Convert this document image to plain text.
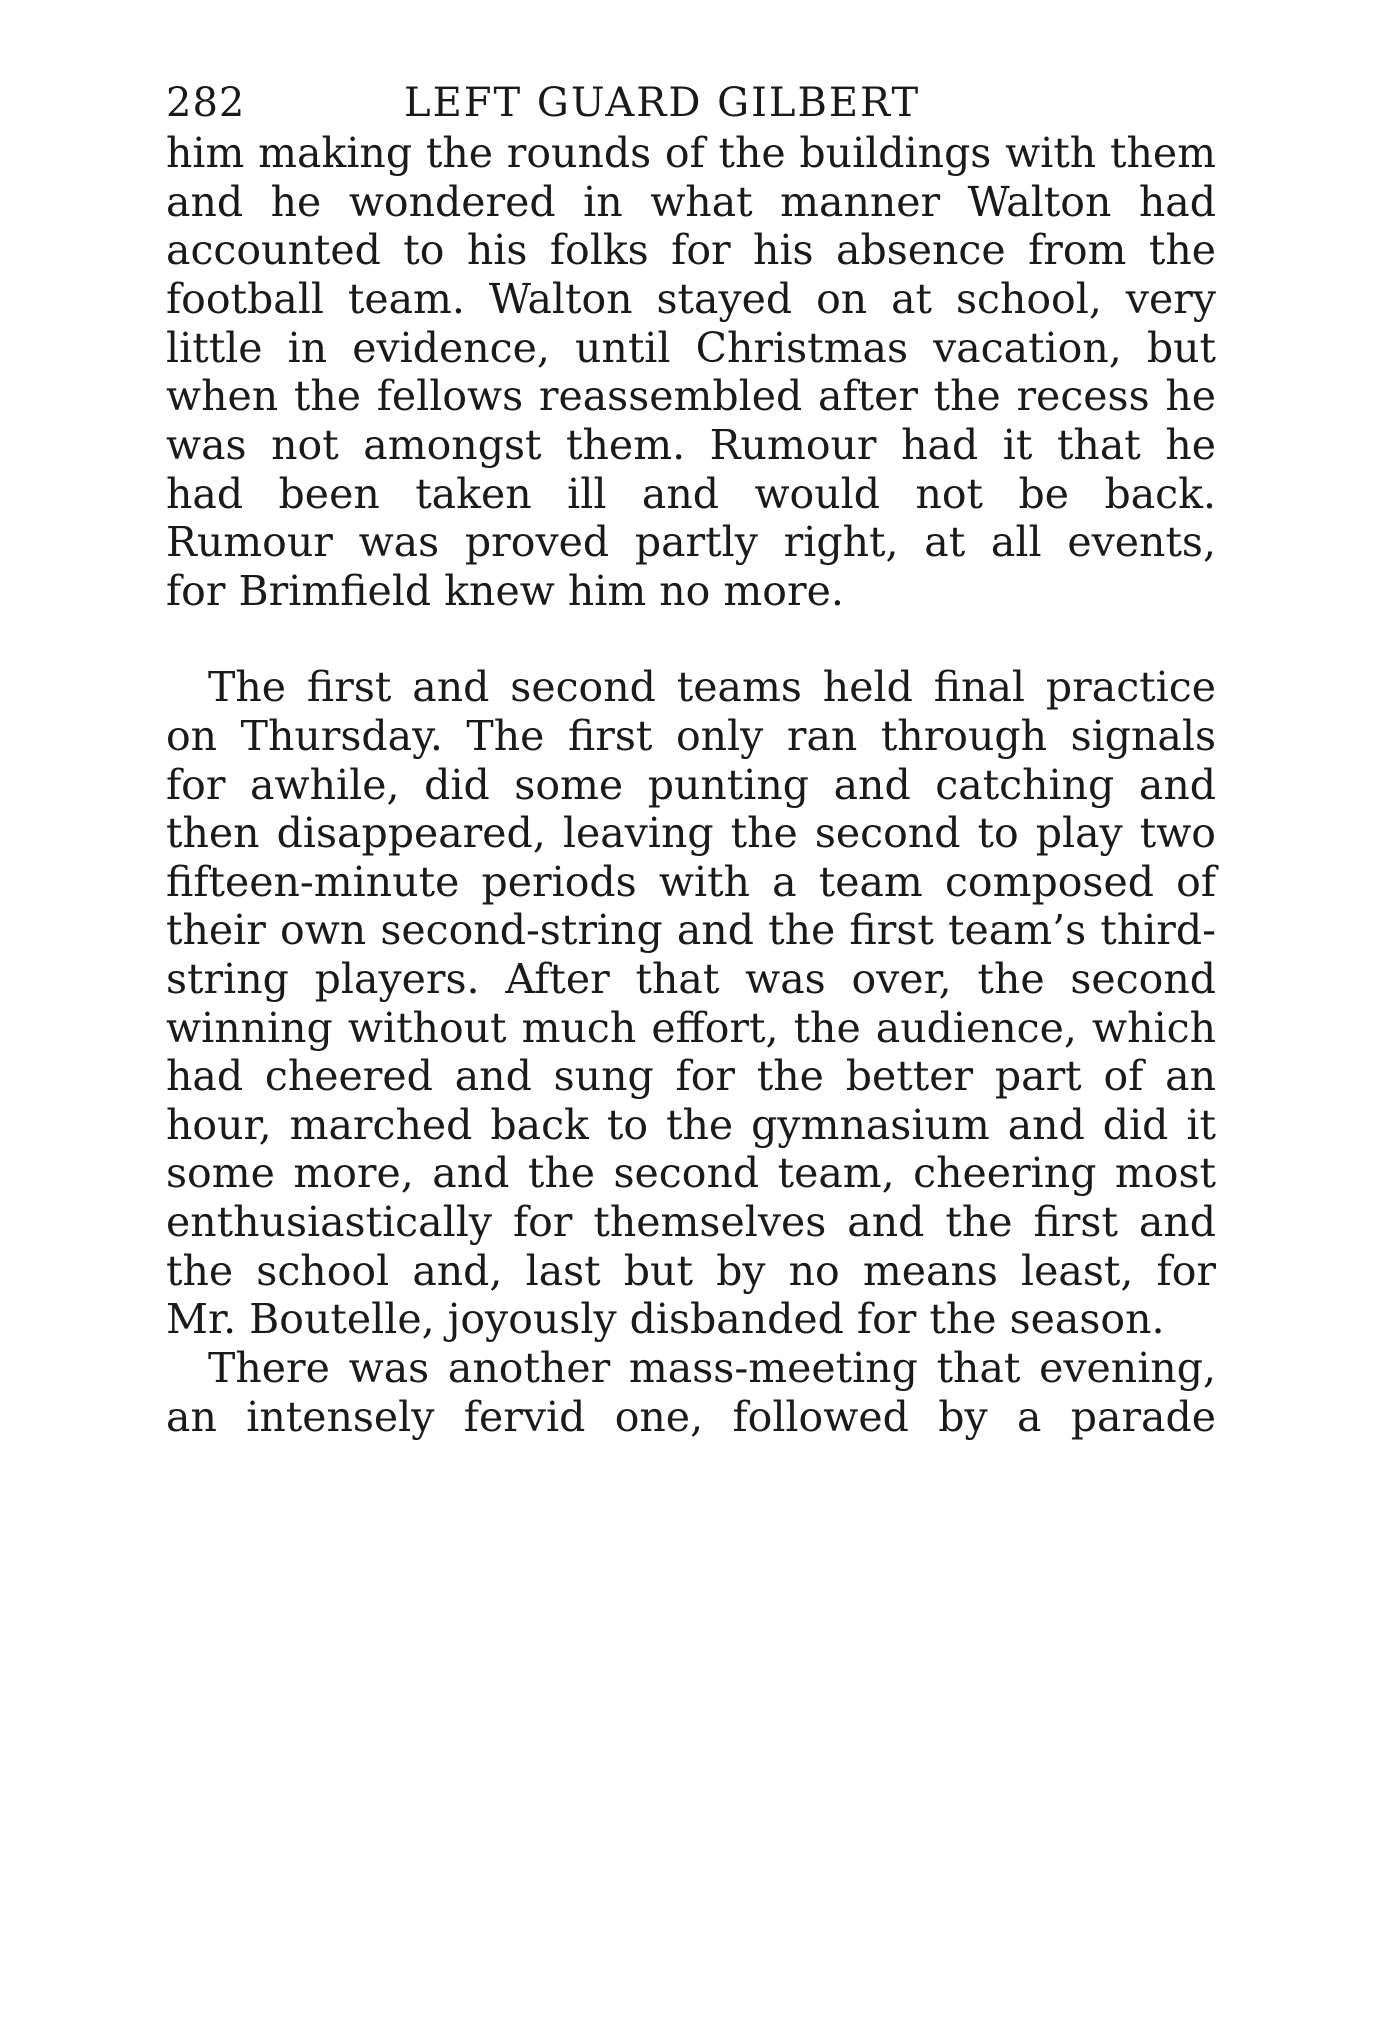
282	LEFT GUARD GILBERT
him making the rounds of the buildings with them
and he wondered in what manner Walton had
accounted to his folks for his absence from the
football team. Walton stayed on at school, very
little in evidence, until Christmas vacation, but
when the fellows reassembled after the recess he
was not amongst them. Rumour had it that he
had been taken ill and would not be back.
Rumour was proved partly right, at all events,
for Brimfield knew him no more.
The first and second teams held final practice
on Thursday. The first only ran through signals
for awhile, did some punting and catching and
then disappeared, leaving the second to play two
fifteen-minute periods with a team composed of
their own second-string and the first team’s third-
string players. After that was over, the second
winning without much effort, the audience, which
had cheered and sung for the better part of an
hour, marched back to the gymnasium and did it
some more, and the second team, cheering most
enthusiastically for themselves and the first and
the school and, last but by no means least, for
Mr. Boutelle, joyously disbanded for the season.
There was another mass-meeting that evening,
an intensely fervid one, followed by a parade
